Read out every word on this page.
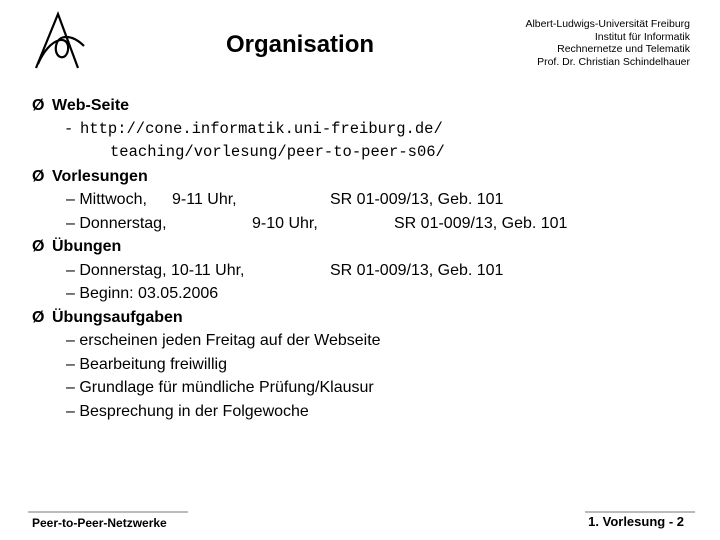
Organisation
Albert-Ludwigs-Universität Freiburg
Institut für Informatik
Rechnernetze und Telematik
Prof. Dr. Christian Schindelhauer
Ø Web-Seite
- http://cone.informatik.uni-freiburg.de/
teaching/vorlesung/peer-to-peer-s06/
Ø Vorlesungen
– Mittwoch, 9-11 Uhr,	SR 01-009/13, Geb. 101
– Donnerstag,	9-10 Uhr,	SR 01-009/13, Geb. 101
Ø Übungen
– Donnerstag, 10-11 Uhr,	SR 01-009/13, Geb. 101
– Beginn: 03.05.2006
Ø Übungsaufgaben
– erscheinen jeden Freitag auf der Webseite
– Bearbeitung freiwillig
– Grundlage für mündliche Prüfung/Klausur
– Besprechung in der Folgewoche
Peer-to-Peer-Netzwerke	1. Vorlesung - 2
